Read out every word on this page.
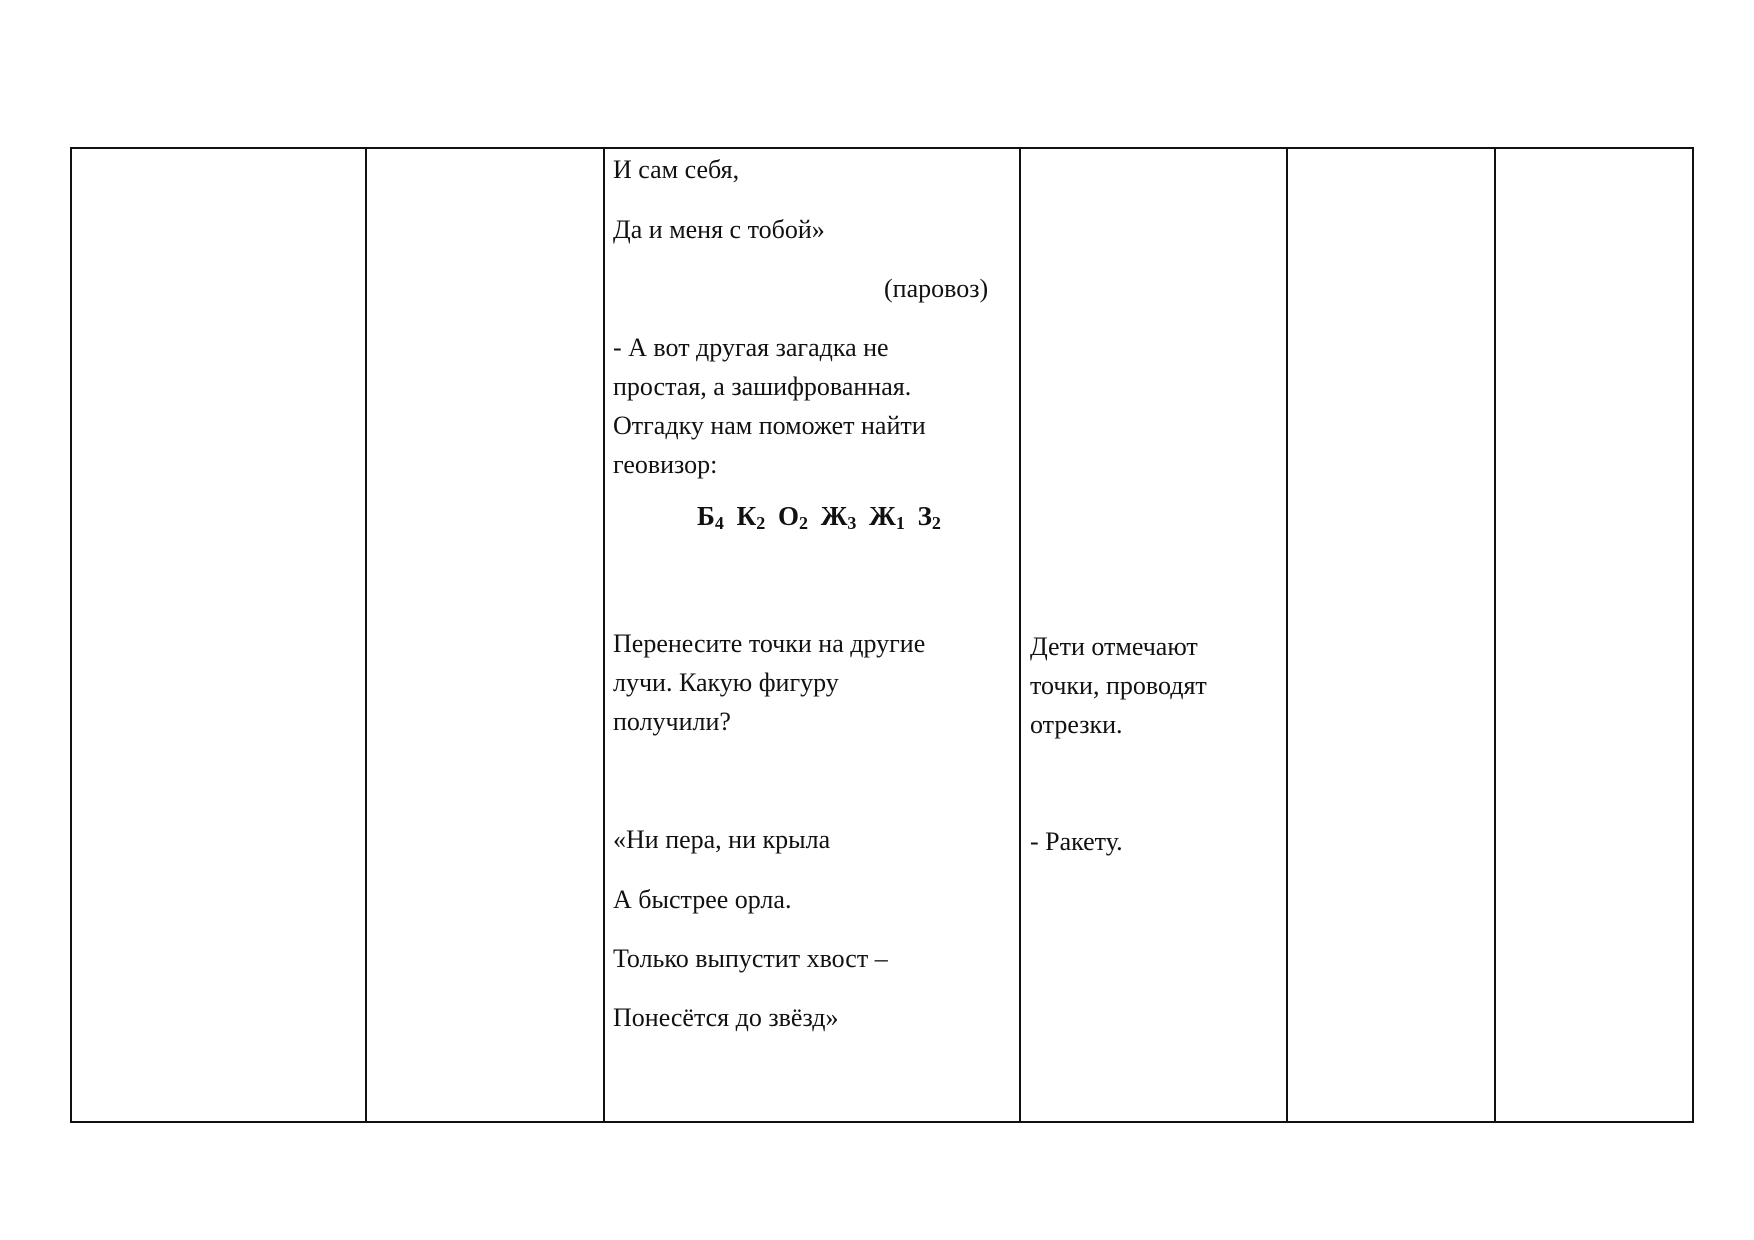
И сам себя,

Да и меня с тобой»

(паровоз)

- А вот другая загадка не

простая, а зашифрованная.

Отгадку нам поможет найти

геовизор:

$Б_4$ $К_2$ $О_2$ $Ж_3$ $Ж_1$ $З_2$

Перенесите точки на другие

лучи. Какую фигуру

получили?

«Ни пера, ни крыла

А быстрее орла.

Только выпустит хвост –

Понесётся до звёзд»

Дети отмечают

точки, проводят

отрезки.

- Ракету.
